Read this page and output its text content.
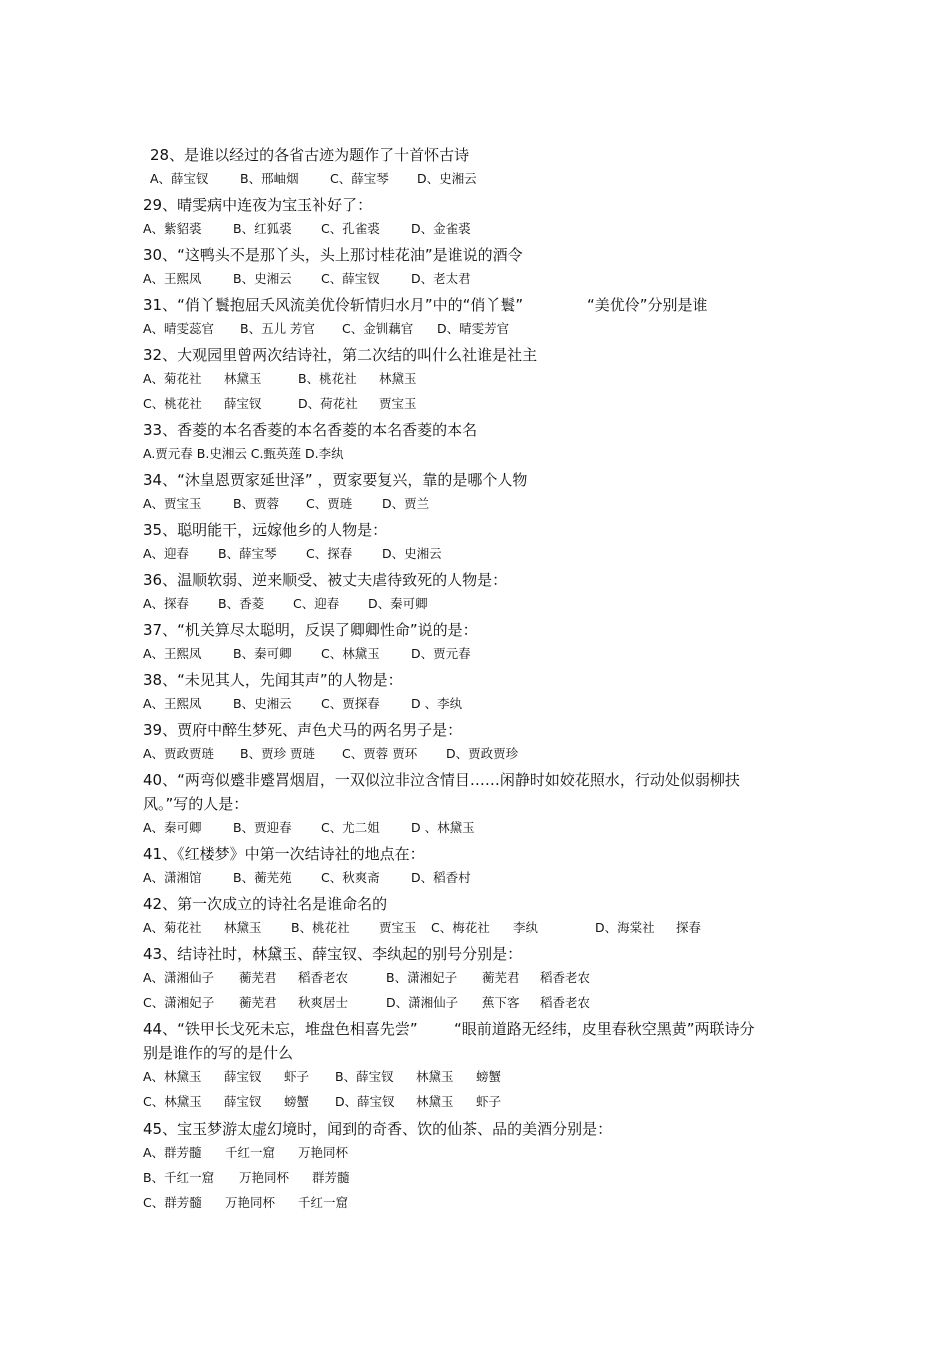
28、是谁以经过的各省古迹为题作了十首怀古诗
A、薛宝钗	B、邢岫烟	C、薛宝琴 D、史湘云
29、晴雯病中连夜为宝玉补好了：
A、紫貂裘	B、红狐裘 C、孔雀裘	D、金雀裘
30、“这鸭头不是那丫头，头上那讨桂花油”是谁说的酒令
A、王熙凤	B、史湘云 C、薛宝钗	D、老太君
31、“俏丫鬟抱屈夭风流美优伶斩情归水月”中的“俏丫鬟”	“美优伶”分别是谁
A、晴雯蕊官 B、五儿 芳官 C、金钏藕官 D、晴雯芳官
32、大观园里曾两次结诗社，第二次结的叫什么社谁是社主
A、菊花社 林黛玉	B、桃花社 林黛玉
C、桃花社 薛宝钗	D、荷花社 贾宝玉
33、香菱的本名香菱的本名香菱的本名香菱的本名
A.贾元春 B.史湘云 C.甄英莲 D.李纨
34、“沐皇恩贾家延世泽” ，贾家要复兴，靠的是哪个人物
A、贾宝玉	B、贾蓉 C、贾琏 D、贾兰
35、聪明能干，远嫁他乡的人物是：
A、迎春 B、薛宝琴 C、探春 D、史湘云
36、温顺软弱、逆来顺受、被丈夫虐待致死的人物是：
A、探春 B、香菱 C、迎春 D、秦可卿
37、“机关算尽太聪明，反误了卿卿性命”说的是：
A、王熙凤	B、秦可卿 C、林黛玉	D、贾元春
38、“未见其人，先闻其声”的人物是：
A、王熙凤	B、史湘云 C、贾探春	D 、李纨
39、贾府中醉生梦死、声色犬马的两名男子是：
A、贾政贾琏 B、贾珍 贾琏 C、贾蓉 贾环 D、贾政贾珍
40、“两弯似蹙非蹙罥烟眉，一双似泣非泣含情目……闲静时如姣花照水，行动处似弱柳扶
风。”写的人是：
A、秦可卿	B、贾迎春 C、尤二姐	D 、林黛玉
41、《红楼梦》中第一次结诗社的地点在：
A、潇湘馆	B、蘅芜苑 C、秋爽斋	D、稻香村
42、第一次成立的诗社名是谁命名的
A、菊花社 林黛玉 B、桃花社 贾宝玉 C、梅花社 李纨	D、海棠社 探春
43、结诗社时，林黛玉、薛宝钗、李纨起的别号分别是：
A、潇湘仙子 蘅芜君 稻香老农	B、潇湘妃子 蘅芜君 稻香老农
C、潇湘妃子 蘅芜君 秋爽居士	D、潇湘仙子 蕉下客 稻香老农
44、“铁甲长戈死未忘，堆盘色相喜先尝” “眼前道路无经纬，皮里春秋空黑黄”两联诗分
别是谁作的写的是什么
A、林黛玉 薛宝钗 虾子 B、薛宝钗 林黛玉 螃蟹
C、林黛玉 薛宝钗 螃蟹 D、薛宝钗 林黛玉 虾子
45、宝玉梦游太虚幻境时，闻到的奇香、饮的仙茶、品的美酒分别是：
A、群芳髓 千红一窟 万艳同杯
B、千红一窟 万艳同杯 群芳髓
C、群芳髓 万艳同杯 千红一窟
